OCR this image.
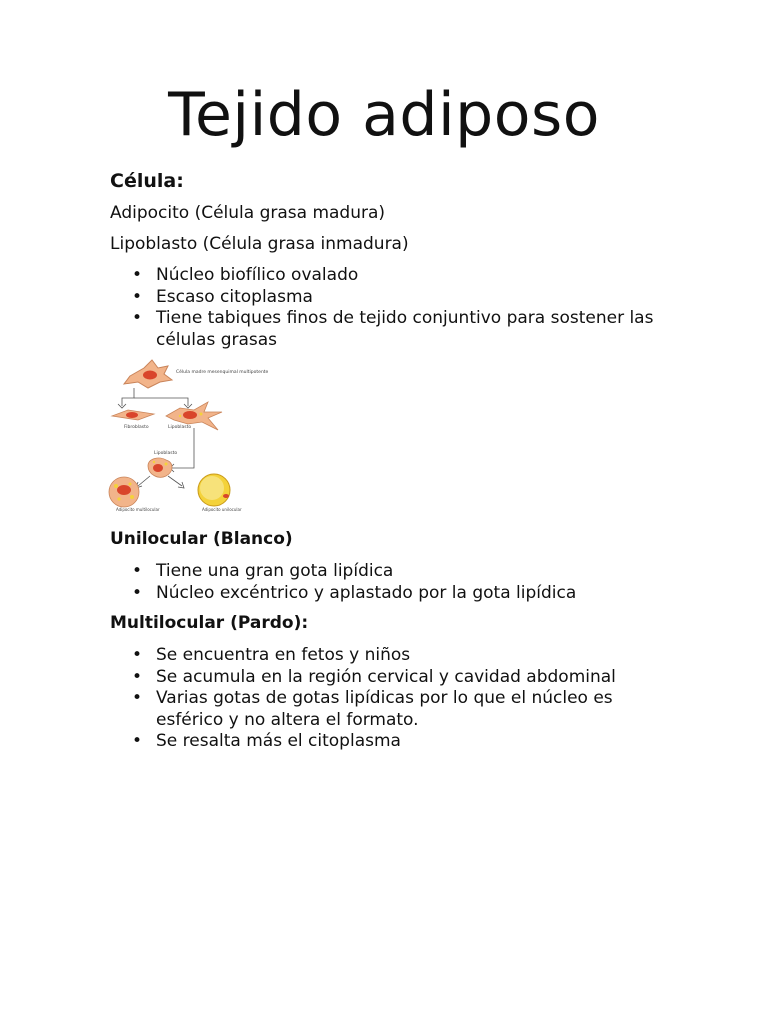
Tejido adiposo
Célula:

Adipocito (Célula grasa madura)

Lipoblasto (Célula grasa inmadura)

• Núcleo biofílico ovalado
• Escaso citoplasma
• Tiene tabiques finos de tejido conjuntivo para sostener las células grasas
Célula madre mesenquimal multipotente
Fibroblasto	Lipoblasto
Lipoblasto
Adipocito multilocular	Adipocito unilocular
Unilocular (Blanco)
• Tiene una gran gota lipídica
• Núcleo excéntrico y aplastado por la gota lipídica
Multilocular (Pardo):
• Se encuentra en fetos y niños
• Se acumula en la región cervical y cavidad abdominal
• Varias gotas de gotas lipídicas por lo que el núcleo es esférico y no altera el formato.
• Se resalta más el citoplasma
